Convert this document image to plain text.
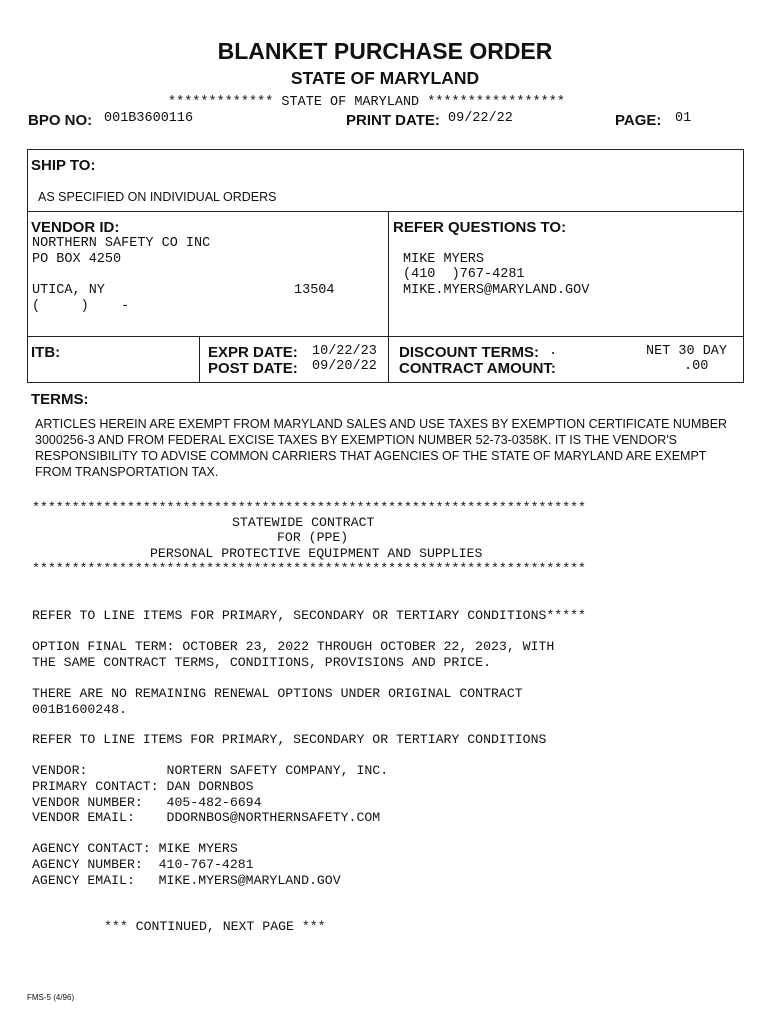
BLANKET PURCHASE ORDER
STATE OF MARYLAND
************* STATE OF MARYLAND *****************
BPO NO: 001B3600116	PRINT DATE: 09/22/22	PAGE: 01
SHIP TO:
AS SPECIFIED ON INDIVIDUAL ORDERS
VENDOR ID:
NORTHERN SAFETY CO INC
PO BOX 4250
UTICA, NY	13504
(     )    -
REFER QUESTIONS TO:
MIKE MYERS
(410  )767-4281
MIKE.MYERS@MARYLAND.GOV
ITB:	EXPR DATE: 10/22/23
POST DATE: 09/20/22
DISCOUNT TERMS: .	NET 30 DAY
CONTRACT AMOUNT:	.00
TERMS:
ARTICLES HEREIN ARE EXEMPT FROM MARYLAND SALES AND USE TAXES BY EXEMPTION CERTIFICATE NUMBER 3000256-3 AND FROM FEDERAL EXCISE TAXES BY EXEMPTION NUMBER 52-73-0358K. IT IS THE VENDOR'S RESPONSIBILITY TO ADVISE COMMON CARRIERS THAT AGENCIES OF THE STATE OF MARYLAND ARE EXEMPT FROM TRANSPORTATION TAX.
**********************************************************************
STATEWIDE CONTRACT
FOR (PPE)
PERSONAL PROTECTIVE EQUIPMENT AND SUPPLIES
**********************************************************************
REFER TO LINE ITEMS FOR PRIMARY, SECONDARY OR TERTIARY CONDITIONS*****
OPTION FINAL TERM: OCTOBER 23, 2022 THROUGH OCTOBER 22, 2023, WITH
THE SAME CONTRACT TERMS, CONDITIONS, PROVISIONS AND PRICE.
THERE ARE NO REMAINING RENEWAL OPTIONS UNDER ORIGINAL CONTRACT
001B1600248.
REFER TO LINE ITEMS FOR PRIMARY, SECONDARY OR TERTIARY CONDITIONS
VENDOR:          NORTERN SAFETY COMPANY, INC.
PRIMARY CONTACT: DAN DORNBOS
VENDOR NUMBER:   405-482-6694
VENDOR EMAIL:    DDORNBOS@NORTHERNSAFETY.COM
AGENCY CONTACT: MIKE MYERS
AGENCY NUMBER:  410-767-4281
AGENCY EMAIL:   MIKE.MYERS@MARYLAND.GOV
*** CONTINUED, NEXT PAGE ***
FMS-5 (4/96)
